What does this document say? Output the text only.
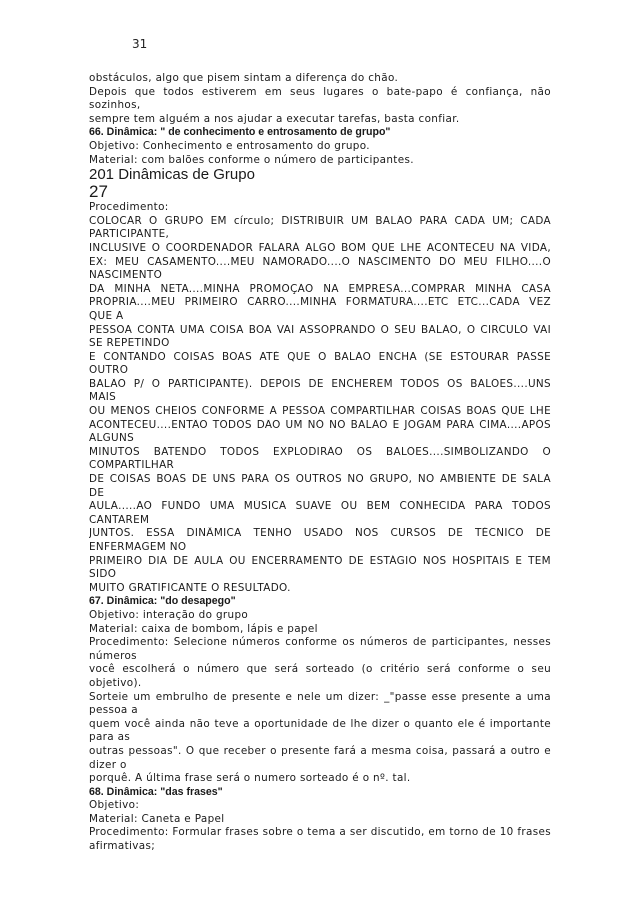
31
obstáculos, algo que pisem sintam a diferença do chão.
Depois que todos estiverem em seus lugares o bate-papo é confiança, não
sozinhos,
sempre tem alguém a nos ajudar a executar tarefas, basta confiar.
66. Dinâmica: " de conhecimento e entrosamento de grupo"
Objetivo: Conhecimento e entrosamento do grupo.
Material: com balões conforme o número de participantes.
201 Dinâmicas de Grupo
27
Procedimento:
COLOCAR O GRUPO EM círculo; DISTRIBUIR UM BALÃO PARA CADA UM; CADA
PARTICIPANTE,
INCLUSIVE O COORDENADOR FALARÁ ALGO BOM QUE LHE ACONTECEU NA VIDA,
EX: MEU CASAMENTO....MEU NAMORADO....O NASCIMENTO DO MEU FILHO....O
NASCIMENTO
DA MINHA NETA....MINHA PROMOÇÃO NA EMPRESA...COMPRAR MINHA CASA
PRÓPRIA....MEU PRIMEIRO CARRO....MINHA FORMATURA....ETC ETC...CADA VEZ
QUE A
PESSOA CONTA UMA COISA BOA VAI ASSOPRANDO O SEU BALÃO, O CIRCULO VAI
SE REPETINDO
E CONTANDO COISAS BOAS ATÉ QUE O BALÃO ENCHA (SE ESTOURAR PASSE
OUTRO
BALÃO P/ O PARTICIPANTE). DEPOIS DE ENCHEREM TODOS OS BALÕES....UNS
MAIS
OU MENOS CHEIOS CONFORME A PESSOA COMPARTILHAR COISAS BOAS QUE LHE
ACONTECEU....ENTÃO TODOS DÃO UM NÓ NO BALÃO E JOGAM PARA CIMA....APÓS
ALGUNS
MINUTOS BATENDO TODOS EXPLODIRÃO OS BALÕES....SIMBOLIZANDO O
COMPARTILHAR
DE COISAS BOAS DE UNS PARA OS OUTROS NO GRUPO, NO AMBIENTE DE SALA
DE
AULA.....AO FUNDO UMA MÚSICA SUAVE OU BEM CONHECIDA PARA TODOS
CANTAREM
JUNTOS. ESSA DINÂMICA TENHO USADO NOS CURSOS DE TÉCNICO DE
ENFERMAGEM NO
PRIMEIRO DIA DE AULA OU ENCERRAMENTO DE ESTÁGIO NOS HOSPITAIS E TEM
SIDO
MUITO GRATIFICANTE O RESULTADO.
67. Dinâmica: "do desapego"
Objetivo: interação do grupo
Material: caixa de bombom, lápis e papel
Procedimento: Selecione números conforme os números de participantes, nesses
números
você escolherá o número que será sorteado (o critério será conforme o seu
objetivo).
Sorteie um embrulho de presente e nele um dizer: _"passe esse presente a uma
pessoa a
quem você ainda não teve a oportunidade de lhe dizer o quanto ele é importante
para as
outras pessoas". O que receber o presente fará a mesma coisa, passará a outro e
dizer o
porquê. A última frase será o numero sorteado é o nº. tal.
68. Dinâmica: "das frases"
Objetivo:
Material: Caneta e Papel
Procedimento: Formular frases sobre o tema a ser discutido, em torno de 10 frases
afirmativas;
